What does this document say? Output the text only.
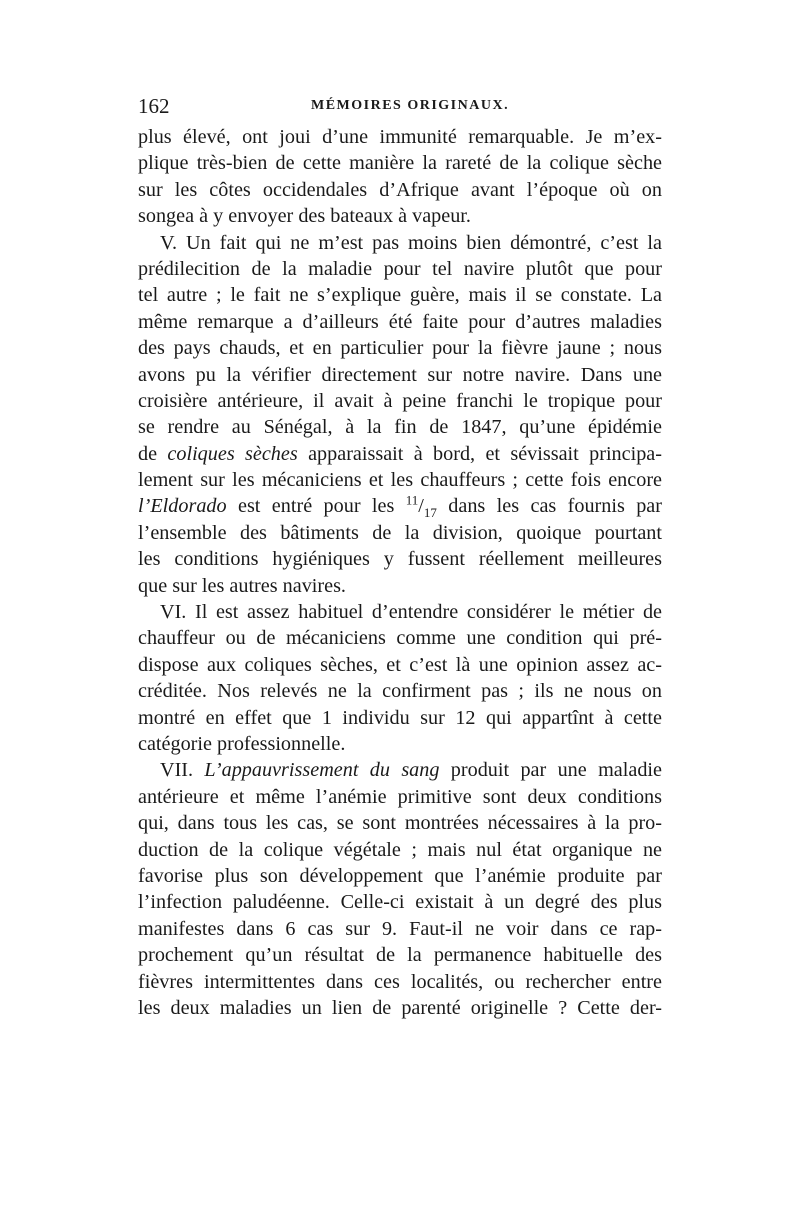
162	MÉMOIRES ORIGINAUX.
plus élevé, ont joui d’une immunité remarquable. Je m’ex-
plique très-bien de cette manière la rareté de la colique sèche
sur les côtes occidendales d’Afrique avant l’époque où on
songea à y envoyer des bateaux à vapeur.
V. Un fait qui ne m’est pas moins bien démontré, c’est la
prédilecition de la maladie pour tel navire plutôt que pour
tel autre ; le fait ne s’explique guère, mais il se constate. La
même remarque a d’ailleurs été faite pour d’autres maladies
des pays chauds, et en particulier pour la fièvre jaune ; nous
avons pu la vérifier directement sur notre navire. Dans une
croisière antérieure, il avait à peine franchi le tropique pour
se rendre au Sénégal, à la fin de 1847, qu’une épidémie
de coliques sèches apparaissait à bord, et sévissait principa-
lement sur les mécaniciens et les chauffeurs ; cette fois encore
l’Eldorado est entré pour les $^{11}/_{17}$ dans les cas fournis par
l’ensemble des bâtiments de la division, quoique pourtant
les conditions hygiéniques y fussent réellement meilleures
que sur les autres navires.
VI. Il est assez habituel d’entendre considérer le métier de
chauffeur ou de mécaniciens comme une condition qui pré-
dispose aux coliques sèches, et c’est là une opinion assez ac-
créditée. Nos relevés ne la confirment pas ; ils ne nous on
montré en effet que 1 individu sur 12 qui appartînt à cette
catégorie professionnelle.
VII. L’appauvrissement du sang produit par une maladie
antérieure et même l’anémie primitive sont deux conditions
qui, dans tous les cas, se sont montrées nécessaires à la pro-
duction de la colique végétale ; mais nul état organique ne
favorise plus son développement que l’anémie produite par
l’infection paludéenne. Celle-ci existait à un degré des plus
manifestes dans 6 cas sur 9. Faut-il ne voir dans ce rap-
prochement qu’un résultat de la permanence habituelle des
fièvres intermittentes dans ces localités, ou rechercher entre
les deux maladies un lien de parenté originelle ? Cette der-
